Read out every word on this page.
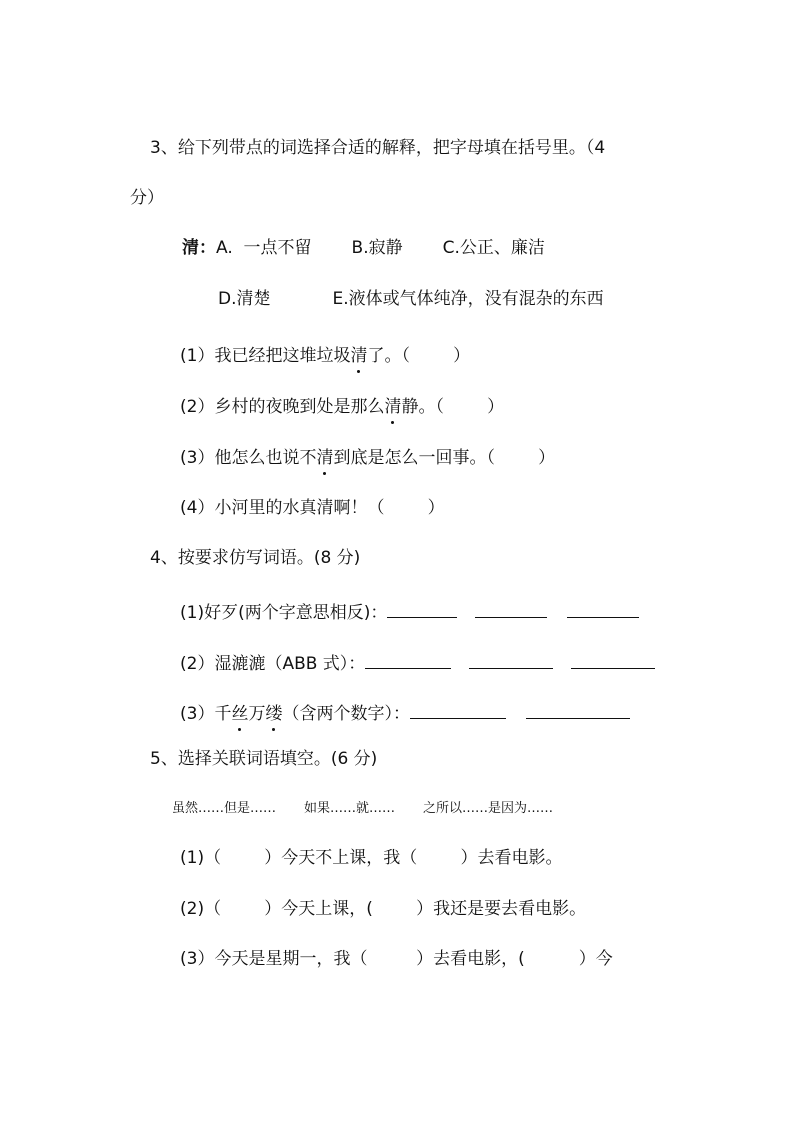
3、给下列带点的词选择合适的解释，把字母填在括号里。（4
分）
清：A.  一点不留 B.寂静 C.公正、廉洁
D.清楚	E.液体或气体纯净，没有混杂的东西
(1）我已经把这堆垃圾清了。（        ）
(2）乡村的夜晚到处是那么清静。（        ）
(3）他怎么也说不清到底是怎么一回事。（        ）
(4）小河里的水真清啊！（        ）
4、按要求仿写词语。(8 分)
(1)好歹(两个字意思相反)：
(2）湿漉漉（ABB 式）：
(3）千丝万缕（含两个数字）：
5、选择关联词语填空。(6 分)
虽然……但是…… 如果……就…… 之所以……是因为……
(1)（        ）今天不上课，我（        ）去看电影。
(2)（        ）今天上课，(        ）我还是要去看电影。
(3）今天是星期一，我（         ）去看电影，(          ）今
